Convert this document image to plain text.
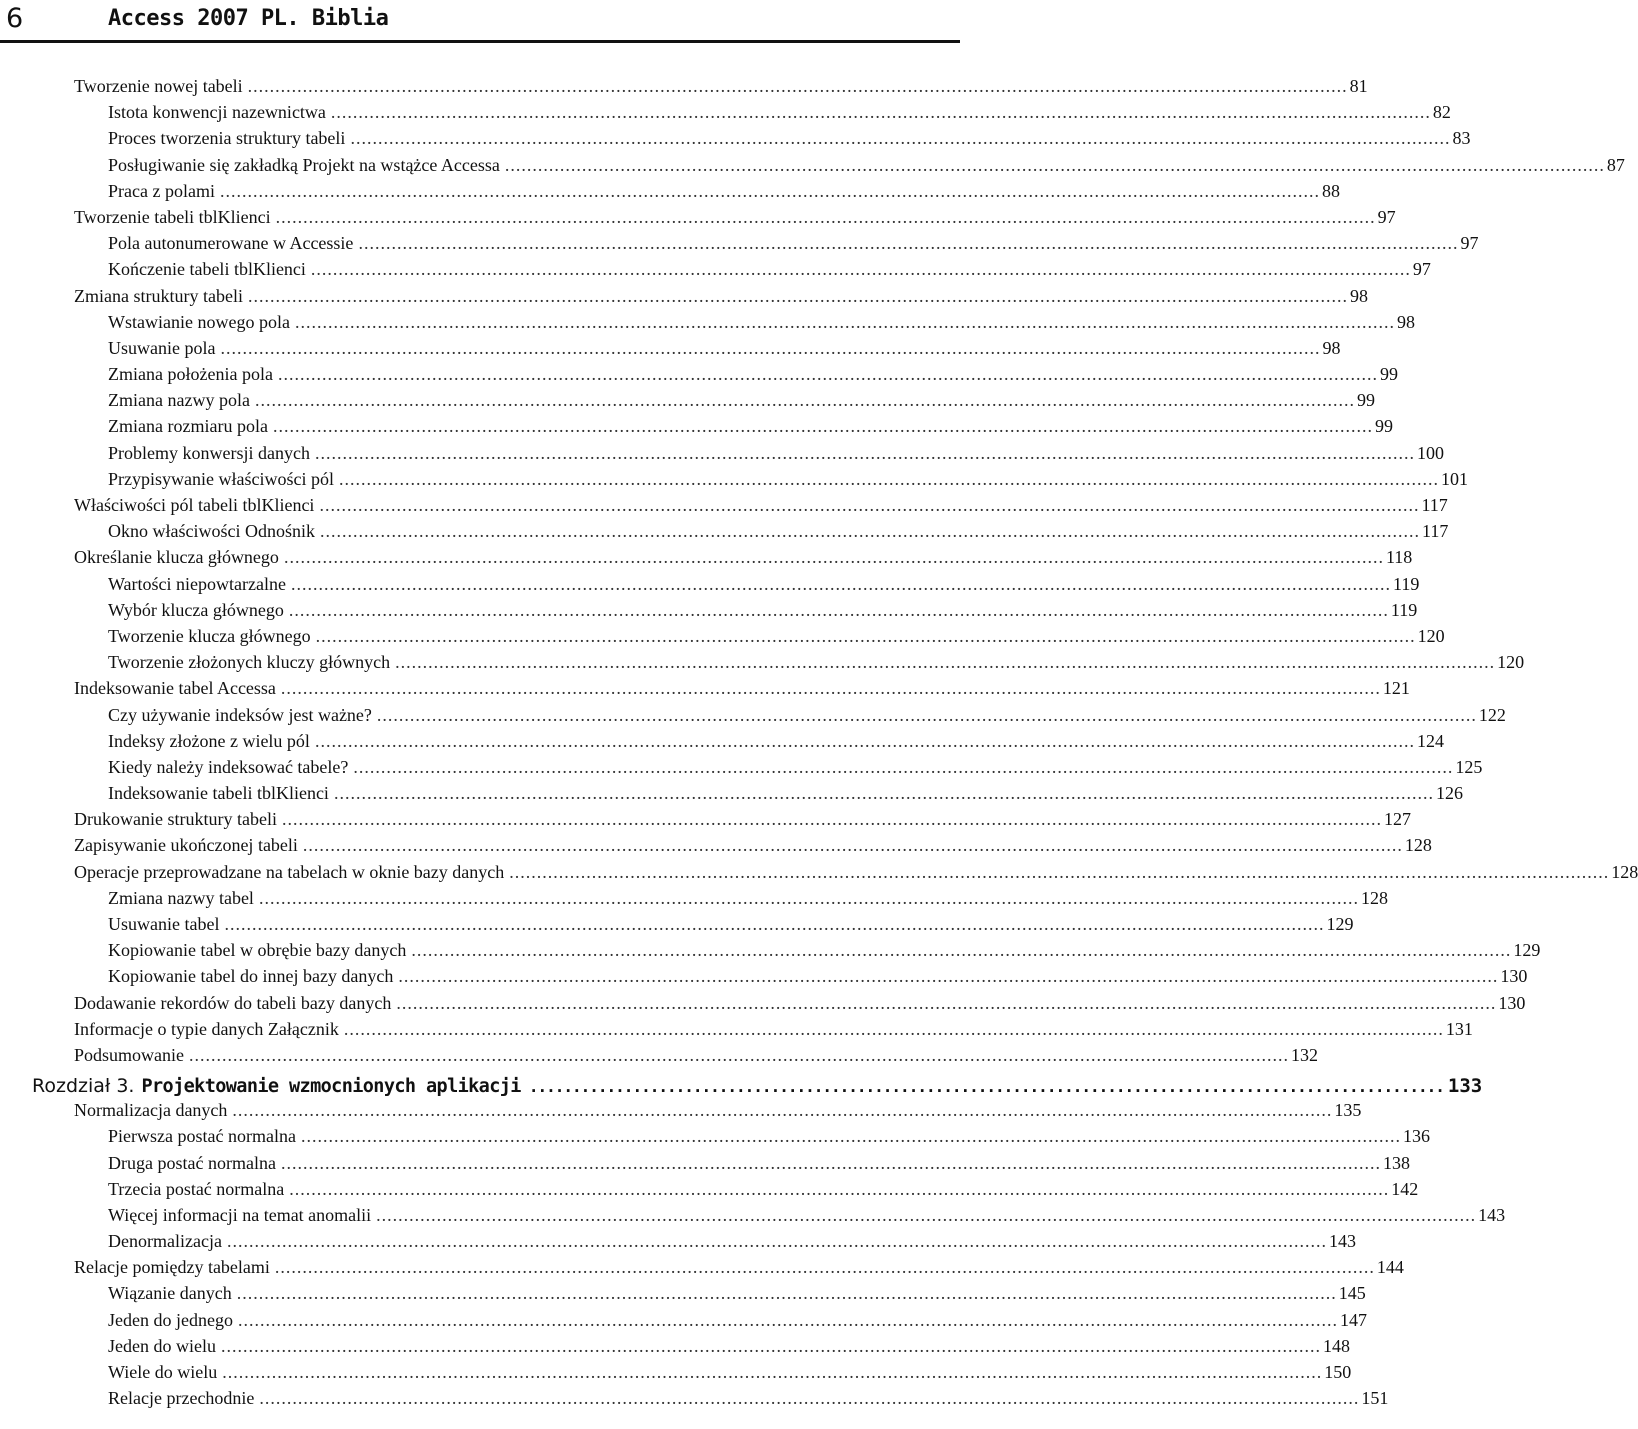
6	Access 2007 PL. Biblia
Tworzenie nowej tabeli ........................................................................................................................................................................................................ 81
Istota konwencji nazewnictwa ........................................................................................................................................................................................................ 82
Proces tworzenia struktury tabeli ........................................................................................................................................................................................................ 83
Posługiwanie się zakładką Projekt na wstążce Accessa ........................................................................................................................................................................................................ 87
Praca z polami ........................................................................................................................................................................................................ 88
Tworzenie tabeli tblKlienci ........................................................................................................................................................................................................ 97
Pola autonumerowane w Accessie ........................................................................................................................................................................................................ 97
Kończenie tabeli tblKlienci ........................................................................................................................................................................................................ 97
Zmiana struktury tabeli ........................................................................................................................................................................................................ 98
Wstawianie nowego pola ........................................................................................................................................................................................................ 98
Usuwanie pola ........................................................................................................................................................................................................ 98
Zmiana położenia pola ........................................................................................................................................................................................................ 99
Zmiana nazwy pola ........................................................................................................................................................................................................ 99
Zmiana rozmiaru pola ........................................................................................................................................................................................................ 99
Problemy konwersji danych ........................................................................................................................................................................................................ 100
Przypisywanie właściwości pól ........................................................................................................................................................................................................ 101
Właściwości pól tabeli tblKlienci ........................................................................................................................................................................................................ 117
Okno właściwości Odnośnik ........................................................................................................................................................................................................ 117
Określanie klucza głównego ........................................................................................................................................................................................................ 118
Wartości niepowtarzalne ........................................................................................................................................................................................................ 119
Wybór klucza głównego ........................................................................................................................................................................................................ 119
Tworzenie klucza głównego ........................................................................................................................................................................................................ 120
Tworzenie złożonych kluczy głównych ........................................................................................................................................................................................................ 120
Indeksowanie tabel Accessa ........................................................................................................................................................................................................ 121
Czy używanie indeksów jest ważne? ........................................................................................................................................................................................................ 122
Indeksy złożone z wielu pól ........................................................................................................................................................................................................ 124
Kiedy należy indeksować tabele? ........................................................................................................................................................................................................ 125
Indeksowanie tabeli tblKlienci ........................................................................................................................................................................................................ 126
Drukowanie struktury tabeli ........................................................................................................................................................................................................ 127
Zapisywanie ukończonej tabeli ........................................................................................................................................................................................................ 128
Operacje przeprowadzane na tabelach w oknie bazy danych ........................................................................................................................................................................................................ 128
Zmiana nazwy tabel ........................................................................................................................................................................................................ 128
Usuwanie tabel ........................................................................................................................................................................................................ 129
Kopiowanie tabel w obrębie bazy danych ........................................................................................................................................................................................................ 129
Kopiowanie tabel do innej bazy danych ........................................................................................................................................................................................................ 130
Dodawanie rekordów do tabeli bazy danych ........................................................................................................................................................................................................ 130
Informacje o typie danych Załącznik ........................................................................................................................................................................................................ 131
Podsumowanie ........................................................................................................................................................................................................ 132
Rozdział 3. Projektowanie wzmocnionych aplikacji .......................................................................................................... 133
Normalizacja danych ........................................................................................................................................................................................................ 135
Pierwsza postać normalna ........................................................................................................................................................................................................ 136
Druga postać normalna ........................................................................................................................................................................................................ 138
Trzecia postać normalna ........................................................................................................................................................................................................ 142
Więcej informacji na temat anomalii ........................................................................................................................................................................................................ 143
Denormalizacja ........................................................................................................................................................................................................ 143
Relacje pomiędzy tabelami ........................................................................................................................................................................................................ 144
Wiązanie danych ........................................................................................................................................................................................................ 145
Jeden do jednego ........................................................................................................................................................................................................ 147
Jeden do wielu ........................................................................................................................................................................................................ 148
Wiele do wielu ........................................................................................................................................................................................................ 150
Relacje przechodnie ........................................................................................................................................................................................................ 151
